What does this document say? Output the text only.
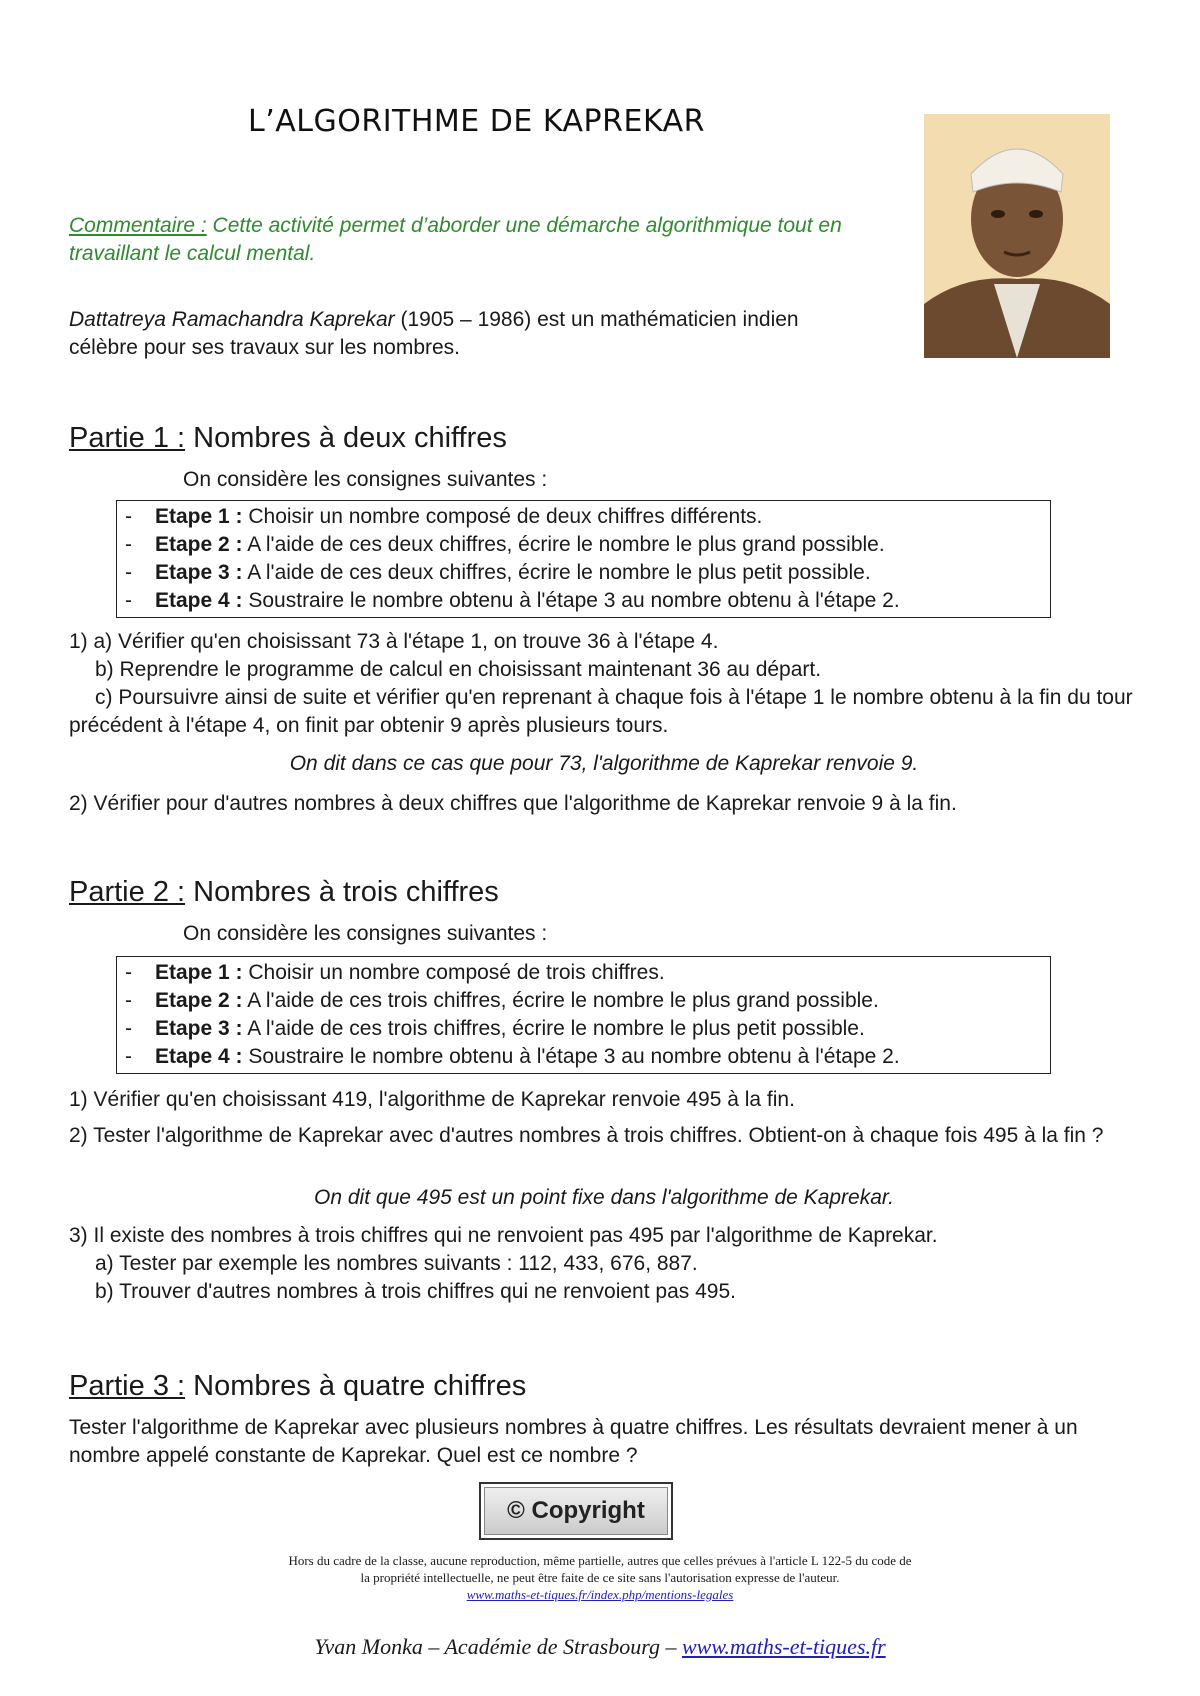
L’ALGORITHME DE KAPREKAR
Commentaire : Cette activité permet d’aborder une démarche algorithmique tout en travaillant le calcul mental.
Dattatreya Ramachandra Kaprekar (1905 – 1986) est un mathématicien indien célèbre pour ses travaux sur les nombres.
Partie 1 : Nombres à deux chiffres
On considère les consignes suivantes :
- Etape 1 : Choisir un nombre composé de deux chiffres différents.
- Etape 2 : A l'aide de ces deux chiffres, écrire le nombre le plus grand possible.
- Etape 3 : A l'aide de ces deux chiffres, écrire le nombre le plus petit possible.
- Etape 4 : Soustraire le nombre obtenu à l'étape 3 au nombre obtenu à l'étape 2.
1) a) Vérifier qu'en choisissant 73 à l'étape 1, on trouve 36 à l'étape 4.
b) Reprendre le programme de calcul en choisissant maintenant 36 au départ.
c) Poursuivre ainsi de suite et vérifier qu'en reprenant à chaque fois à l'étape 1 le nombre obtenu à la fin du tour précédent à l'étape 4, on finit par obtenir 9 après plusieurs tours.
On dit dans ce cas que pour 73, l'algorithme de Kaprekar renvoie 9.
2) Vérifier pour d'autres nombres à deux chiffres que l'algorithme de Kaprekar renvoie 9 à la fin.
Partie 2 : Nombres à trois chiffres
On considère les consignes suivantes :
- Etape 1 : Choisir un nombre composé de trois chiffres.
- Etape 2 : A l'aide de ces trois chiffres, écrire le nombre le plus grand possible.
- Etape 3 : A l'aide de ces trois chiffres, écrire le nombre le plus petit possible.
- Etape 4 : Soustraire le nombre obtenu à l'étape 3 au nombre obtenu à l'étape 2.
1) Vérifier qu'en choisissant 419, l'algorithme de Kaprekar renvoie 495 à la fin.
2) Tester l'algorithme de Kaprekar avec d'autres nombres à trois chiffres. Obtient-on à chaque fois 495 à la fin ?
On dit que 495 est un point fixe dans l'algorithme de Kaprekar.
3) Il existe des nombres à trois chiffres qui ne renvoient pas 495 par l'algorithme de Kaprekar.
a) Tester par exemple les nombres suivants : 112, 433, 676, 887.
b) Trouver d'autres nombres à trois chiffres qui ne renvoient pas 495.
Partie 3 : Nombres à quatre chiffres
Tester l'algorithme de Kaprekar avec plusieurs nombres à quatre chiffres. Les résultats devraient mener à un nombre appelé constante de Kaprekar. Quel est ce nombre ?
© Copyright
Hors du cadre de la classe, aucune reproduction, même partielle, autres que celles prévues à l'article L 122-5 du code de
la propriété intellectuelle, ne peut être faite de ce site sans l'autorisation expresse de l'auteur.
www.maths-et-tiques.fr/index.php/mentions-legales
Yvan Monka – Académie de Strasbourg – www.maths-et-tiques.fr
